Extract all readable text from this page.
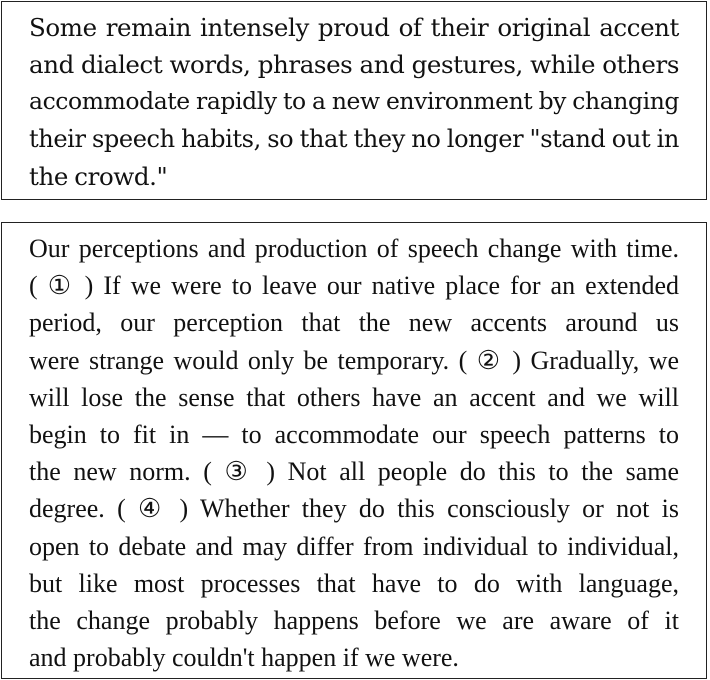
Some remain intensely proud of their original accent
and dialect words, phrases and gestures, while others
accommodate rapidly to a new environment by changing
their speech habits, so that they no longer "stand out in
the crowd."
Our perceptions and production of speech change with time.
( ① ) If we were to leave our native place for an extended
period, our perception that the new accents around us
were strange would only be temporary. ( ② ) Gradually, we
will lose the sense that others have an accent and we will
begin to fit in — to accommodate our speech patterns to
the new norm. ( ③ ) Not all people do this to the same
degree. ( ④ ) Whether they do this consciously or not is
open to debate and may differ from individual to individual,
but like most processes that have to do with language,
the change probably happens before we are aware of it
and probably couldn't happen if we were.
